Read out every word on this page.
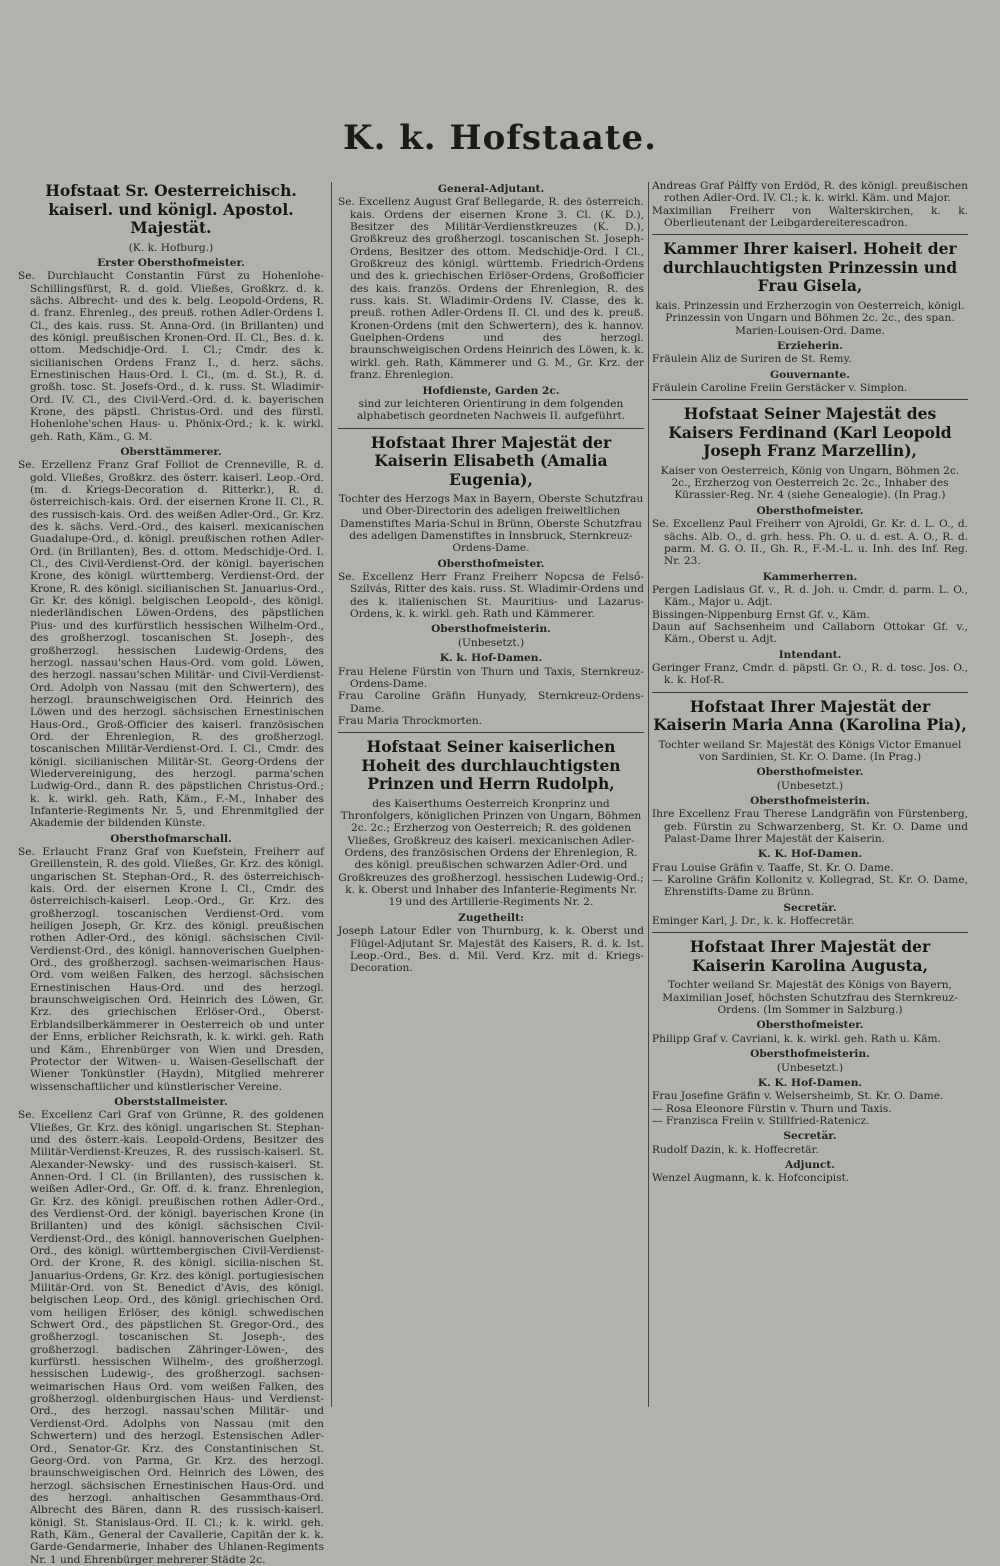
K. k. Hofstaate.
Hofstaat Sr. Oesterreichisch. kaiserl. und königl. Apostol. Majestät.

(K. k. Hofburg.)

Erster Obersthofmeister.

Se. Durchlaucht Constantin Fürst zu Hohenlohe-Schillingsfürst, R. d. gold. Vließes, Großkrz. d. k. sächs. Albrecht- und des k. belg. Leopold-Ordens, R. d. franz. Ehrenleg., des preuß. rothen Adler-Ordens I. Cl., des kais. russ. St. Anna-Ord. (in Brillanten) und des königl. preußischen Kronen-Ord. II. Cl., Bes. d. k. ottom. Medschidje-Ord. I. Cl.; Cmdr. des k. sicilianischen Ordens Franz I., d. herz. sächs. Ernestinischen Haus-Ord. I. Cl., (m. d. St.), R. d. großh. tosc. St. Josefs-Ord., d. k. russ. St. Wladimir-Ord. IV. Cl., des Civil-Verd.-Ord. d. k. bayerischen Krone, des päpstl. Christus-Ord. und des fürstl. Hohenlohe'schen Haus- u. Phönix-Ord.; k. k. wirkl. geh. Rath, Käm., G. M.

Obersttämmerer.

Se. Erzellenz Franz Graf Folliot de Crenneville, R. d. gold. Vließes, Großkrz. des österr. kaiserl. Leop.-Ord. (m. d. Kriegs-Decoration d. Ritterkr.), R. d. österreichisch-kais. Ord. der eisernen Krone II. Cl., R. des russisch-kais. Ord. des weißen Adler-Ord., Gr. Krz. des k. sächs. Verd.-Ord., des kaiserl. mexicanischen Guadalupe-Ord., d. königl. preußischen rothen Adler-Ord. (in Brillanten), Bes. d. ottom. Medschidje-Ord. I. Cl., des Civil-Verdienst-Ord. der königl. bayerischen Krone, des königl. württemberg. Verdienst-Ord. der Krone, R. des königl. sicilianischen St. Januarius-Ord., Gr. Kr. des königl. belgischen Leopold-, des königl. niederländischen Löwen-Ordens, des päpstlichen Pius- und des kurfürstlich hessischen Wilhelm-Ord., des großherzogl. toscanischen St. Joseph-, des großherzogl. hessischen Ludewig-Ordens, des herzogl. nassau'schen Haus-Ord. vom gold. Löwen, des herzogl. nassau'schen Militär- und Civil-Verdienst-Ord. Adolph von Nassau (mit den Schwertern), des herzogl. braunschweigischen Ord. Heinrich des Löwen und des herzogl. sächsischen Ernestinischen Haus-Ord., Groß-Officier des kaiserl. französischen Ord. der Ehrenlegion, R. des großherzogl. toscanischen Militär-Verdienst-Ord. I. Cl., Cmdr. des königl. sicilianischen Militär-St. Georg-Ordens der Wiedervereinigung, des herzogl. parma'schen Ludwig-Ord., dann R. des päpstlichen Christus-Ord.; k. k. wirkl. geh. Rath, Käm., F.-M., Inhaber des Infanterie-Regiments Nr. 5, und Ehrenmitglied der Akademie der bildenden Künste.

Obersthofmarschall.

Se. Erlaucht Franz Graf von Kuefstein, Freiherr auf Greillenstein, R. des gold. Vließes, Gr. Krz. des königl. ungarischen St. Stephan-Ord., R. des österreichisch-kais. Ord. der eisernen Krone I. Cl., Cmdr. des österreichisch-kaiserl. Leop.-Ord., Gr. Krz. des großherzogl. toscanischen Verdienst-Ord. vom heiligen Joseph, Gr. Krz. des königl. preußischen rothen Adler-Ord., des königl. sächsischen Civil-Verdienst-Ord., des königl. hannoverischen Guelphen-Ord., des großherzogl. sachsen-weimarischen Haus-Ord. vom weißen Falken, des herzogl. sächsischen Ernestinischen Haus-Ord. und des herzogl. braunschweigischen Ord. Heinrich des Löwen, Gr. Krz. des griechischen Erlöser-Ord., Oberst-Erblandsilberkämmerer in Oesterreich ob und unter der Enns, erblicher Reichsrath, k. k. wirkl. geh. Rath und Käm., Ehrenbürger von Wien und Dresden, Protector der Witwen- u. Waisen-Gesellschaft der Wiener Tonkünstler (Haydn), Mitglied mehrerer wissenschaftlicher und künstlerischer Vereine.

Oberststallmeister.

Se. Excellenz Carl Graf von Grünne, R. des goldenen Vließes, Gr. Krz. des königl. ungarischen St. Stephan- und des österr.-kais. Leopold-Ordens, Besitzer des Militär-Verdienst-Kreuzes, R. des russisch-kaiserl. St. Alexander-Newsky- und des russisch-kaiserl. St. Annen-Ord. I Cl. (in Brillanten), des russischen k. weißen Adler-Ord., Gr. Off. d. k. franz. Ehrenlegion, Gr. Krz. des königl. preußischen rothen Adler-Ord., des Verdienst-Ord. der königl. bayerischen Krone (in Brillanten) und des königl. sächsischen Civil-Verdienst-Ord., des königl. hannoverischen Guelphen-Ord., des königl. württembergischen Civil-Verdienst-Ord. der Krone, R. des königl. sicilia-nischen St. Januarius-Ordens, Gr. Krz. des königl. portugiesischen Militär-Ord. von St. Benedict d'Avis, des königl. belgischen Leop. Ord., des königl. griechischen Ord. vom heiligen Erlöser, des königl. schwedischen Schwert Ord., des päpstlichen St. Gregor-Ord., des großherzogl. toscanischen St. Joseph-, des großherzogl. badischen Zähringer-Löwen-, des kurfürstl. hessischen Wilhelm-, des großherzogl. hessischen Ludewig-, des großherzogl. sachsen-weimarischen Haus Ord. vom weißen Falken, des großherzogl. oldenburgischen Haus- und Verdienst-Ord., des herzogl. nassau'schen Militär- und Verdienst-Ord. Adolphs von Nassau (mit den Schwertern) und des herzogl. Estensischen Adler-Ord., Senator-Gr. Krz. des Constantinischen St. Georg-Ord. von Parma, Gr. Krz. des herzogl. braunschweigischen Ord. Heinrich des Löwen, des herzogl. sächsischen Ernestinischen Haus-Ord. und des herzogl. anhaltischen Gesammthaus-Ord. Albrecht des Bären, dann R. des russisch-kaiserl. königl. St. Stanislaus-Ord. II. Cl.; k. k. wirkl. geh. Rath, Käm., General der Cavallerie, Capitän der k. k. Garde-Gendarmerie, Inhaber des Uhlanen-Regiments Nr. 1 und Ehrenbürger mehrerer Städte 2c.

General-Adjutant.

Se. Excellenz August Graf Bellegarde, R. des österreich. kais. Ordens der eisernen Krone 3. Cl. (K. D.), Besitzer des Militär-Verdienstkreuzes (K. D.), Großkreuz des großherzogl. toscanischen St. Joseph-Ordens, Besitzer des ottom. Medschidje-Ord. I Cl., Großkreuz des königl. württemb. Friedrich-Ordens und des k. griechischen Erlöser-Ordens, Großofficier des kais. französ. Ordens der Ehrenlegion, R. des russ. kais. St. Wladimir-Ordens IV. Classe, des k. preuß. rothen Adler-Ordens II. Cl. und des k. preuß. Kronen-Ordens (mit den Schwertern), des k. hannov. Guelphen-Ordens und des herzogl. braunschweigischen Ordens Heinrich des Löwen, k. k. wirkl. geh. Rath, Kämmerer und G. M., Gr. Krz. der franz. Ehrenlegion.

Hofdienste, Garden 2c.

sind zur leichteren Orientirung in dem folgenden alphabetisch geordneten Nachweis II. aufgeführt.

Hofstaat Ihrer Majestät der Kaiserin Elisabeth (Amalia Eugenia),

Tochter des Herzogs Max in Bayern, Oberste Schutzfrau und Ober-Directorin des adeligen freiweltlichen Damenstiftes Maria-Schul in Brünn, Oberste Schutzfrau des adeligen Damenstiftes in Innsbruck, Sternkreuz-Ordens-Dame.

Obersthofmeister.

Se. Excellenz Herr Franz Freiherr Nopcsa de Felső-Szilvás, Ritter des kais. russ. St. Wladimir-Ordens und des k. italienischen St. Mauritius- und Lazarus-Ordens, k. k. wirkl. geh. Rath und Kämmerer.

Obersthofmeisterin.

(Unbesetzt.)

K. k. Hof-Damen.

Frau Helene Fürstin von Thurn und Taxis, Sternkreuz-Ordens-Dame.

Frau Caroline Gräfin Hunyady, Sternkreuz-Ordens-Dame.

Frau Maria Throckmorten.

Hofstaat Seiner kaiserlichen Hoheit des durchlauchtigsten Prinzen und Herrn Rudolph,

des Kaiserthums Oesterreich Kronprinz und Thronfolgers, königlichen Prinzen von Ungarn, Böhmen 2c. 2c.; Erzherzog von Oesterreich; R. des goldenen Vließes, Großkreuz des kaiserl. mexicanischen Adler-Ordens, des französischen Ordens der Ehrenlegion, R. des königl. preußischen schwarzen Adler-Ord. und Großkreuzes des großherzogl. hessischen Ludewig-Ord.; k. k. Oberst und Inhaber des Infanterie-Regiments Nr. 19 und des Artillerie-Regiments Nr. 2.

Zugetheilt:

Joseph Latour Edler von Thurnburg, k. k. Oberst und Flügel-Adjutant Sr. Majestät des Kaisers, R. d. k. Ist. Leop.-Ord., Bes. d. Mil. Verd. Krz. mit d. Kriegs-Decoration.

Andreas Graf Pálffy von Erdöd, R. des königl. preußischen rothen Adler-Ord. IV. Cl.; k. k. wirkl. Käm. und Major.

Maximilian Freiherr von Walterskirchen, k. k. Oberlieutenant der Leibgardereiterescadron.

Kammer Ihrer kaiserl. Hoheit der durchlauchtigsten Prinzessin und Frau Gisela,

kais. Prinzessin und Erzherzogin von Oesterreich, königl. Prinzessin von Ungarn und Böhmen 2c. 2c., des span. Marien-Louisen-Ord. Dame.

Erzieherin.

Fräulein Aliz de Suriren de St. Remy.

Gouvernante.

Fräulein Caroline Freiin Gerstäcker v. Simplon.

Hofstaat Seiner Majestät des Kaisers Ferdinand (Karl Leopold Joseph Franz Marzellin),

Kaiser von Oesterreich, König von Ungarn, Böhmen 2c. 2c., Erzherzog von Oesterreich 2c. 2c., Inhaber des Kürassier-Reg. Nr. 4 (siehe Genealogie). (In Prag.)

Obersthofmeister.

Se. Excellenz Paul Freiherr von Ajroldi, Gr. Kr. d. L. O., d. sächs. Alb. O., d. grh. hess. Ph. O. u. d. est. A. O., R. d. parm. M. G. O. II., Gh. R., F.-M.-L. u. Inh. des Inf. Reg. Nr. 23.

Kammerherren.

Pergen Ladislaus Gf. v., R. d. Joh. u. Cmdr. d. parm. L. O., Käm., Major u. Adjt.

Bissingen-Nippenburg Ernst Gf. v., Käm.

Daun auf Sachsenheim und Callaborn Ottokar Gf. v., Käm., Oberst u. Adjt.

Intendant.

Geringer Franz, Cmdr. d. päpstl. Gr. O., R. d. tosc. Jos. O., k. k. Hof-R.

Hofstaat Ihrer Majestät der Kaiserin Maria Anna (Karolina Pia),

Tochter weiland Sr. Majestät des Königs Victor Emanuel von Sardinien, St. Kr. O. Dame. (In Prag.)

Obersthofmeister.

(Unbesetzt.)

Obersthofmeisterin.

Ihre Excellenz Frau Therese Landgräfin von Fürstenberg, geb. Fürstin zu Schwarzenberg, St. Kr. O. Dame und Palast-Dame Ihrer Majestät der Kaiserin.

K. K. Hof-Damen.

Frau Louise Gräfin v. Taaffe, St. Kr. O. Dame.

— Karoline Gräfin Kollonitz v. Kollegrad, St. Kr. O. Dame, Ehrenstifts-Dame zu Brünn.

Secretär.

Eminger Karl, J. Dr., k. k. Hoffecretär.

Hofstaat Ihrer Majestät der Kaiserin Karolina Augusta,

Tochter weiland Sr. Majestät des Königs von Bayern, Maximilian Josef, höchsten Schutzfrau des Sternkreuz-Ordens. (Im Sommer in Salzburg.)

Obersthofmeister.

Philipp Graf v. Cavriani, k. k. wirkl. geh. Rath u. Käm.

Obersthofmeisterin.

(Unbesetzt.)

K. K. Hof-Damen.

Frau Josefine Gräfin v. Welsersheimb, St. Kr. O. Dame.

— Rosa Eleonore Fürstin v. Thurn und Taxis.

— Franzisca Freiin v. Stillfried-Ratenicz.

Secretär.

Rudolf Dazin, k. k. Hoffecretär.

Adjunct.

Wenzel Augmann, k. k. Hofconcipist.
